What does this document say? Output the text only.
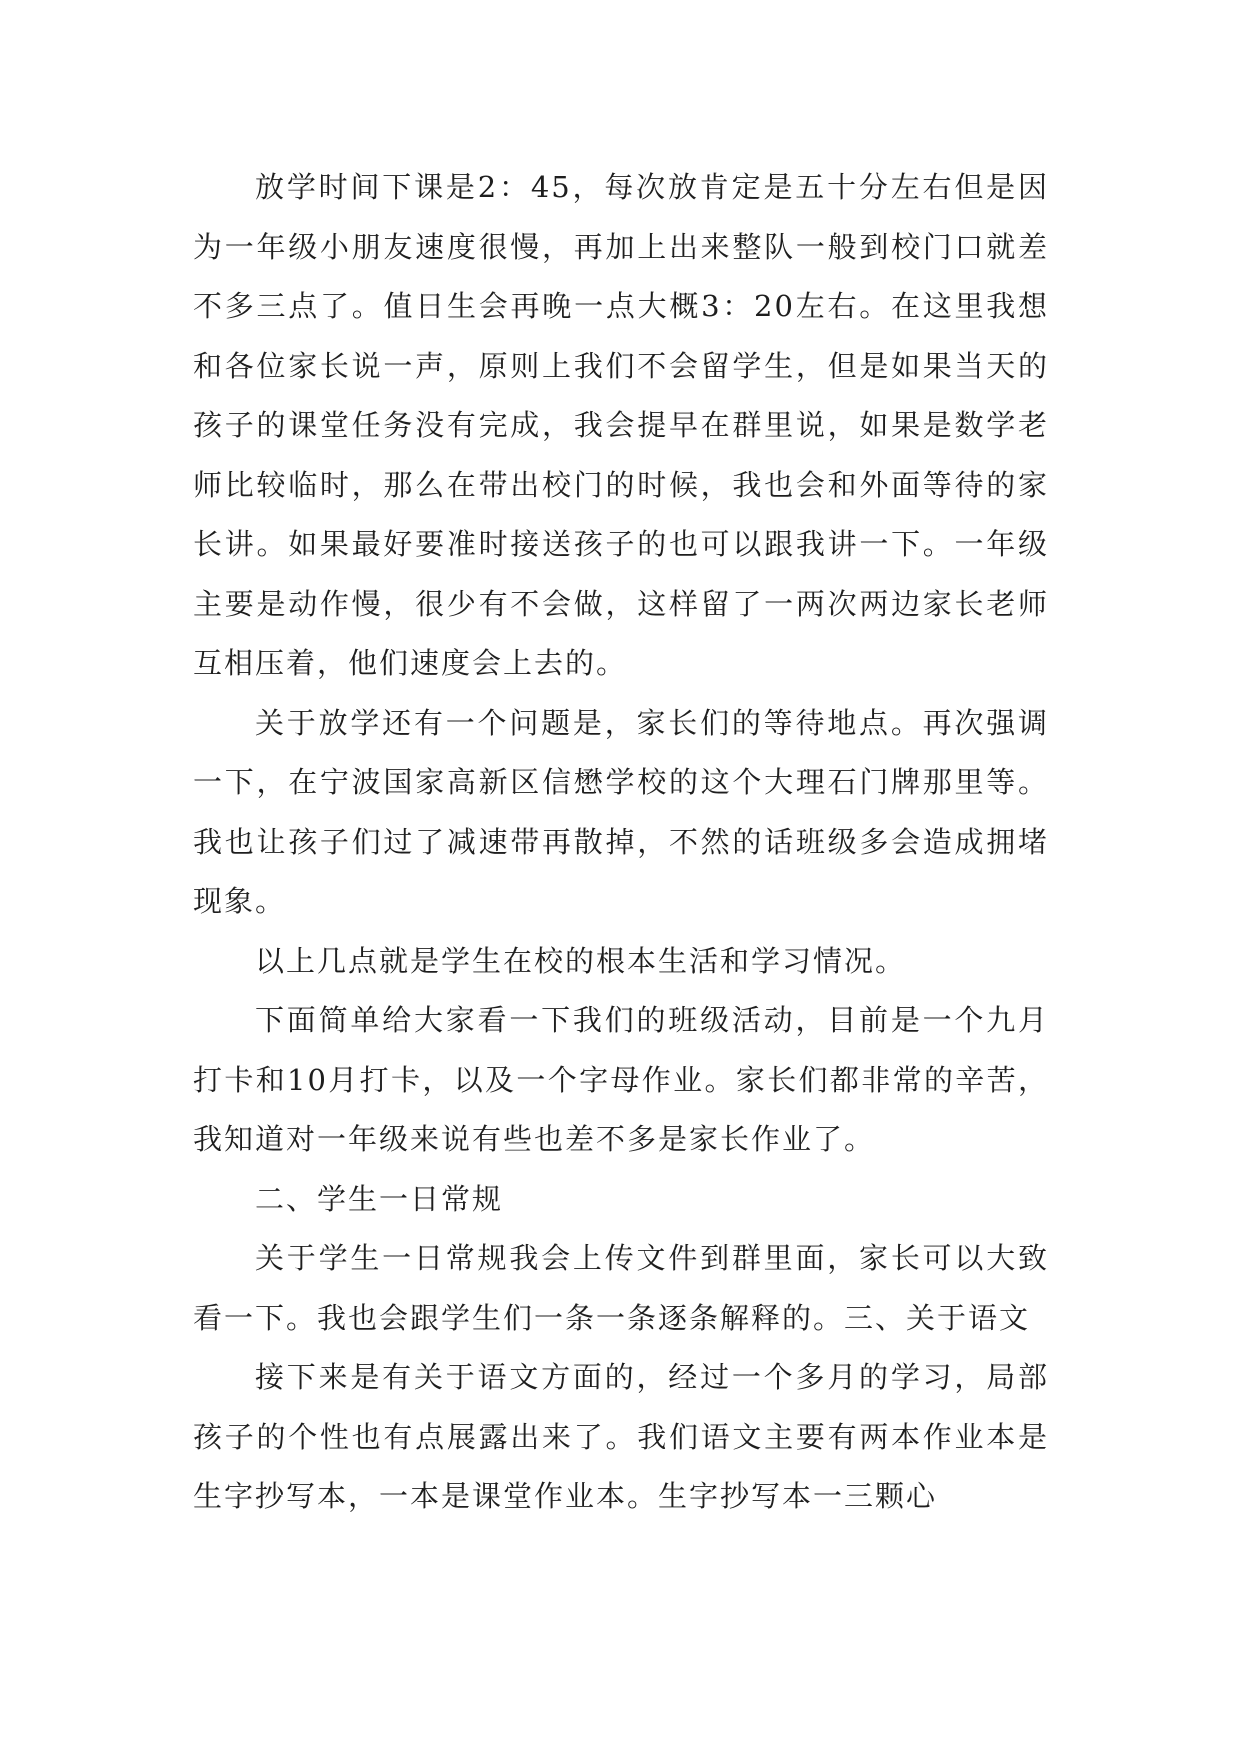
放学时间下课是2：45，每次放肯定是五十分左右但是因为一年级小朋友速度很慢，再加上出来整队一般到校门口就差不多三点了。值日生会再晚一点大概3：20左右。在这里我想和各位家长说一声，原则上我们不会留学生，但是如果当天的孩子的课堂任务没有完成，我会提早在群里说，如果是数学老师比较临时，那么在带出校门的时候，我也会和外面等待的家长讲。如果最好要准时接送孩子的也可以跟我讲一下。一年级主要是动作慢，很少有不会做，这样留了一两次两边家长老师互相压着，他们速度会上去的。

关于放学还有一个问题是，家长们的等待地点。再次强调一下，在宁波国家高新区信懋学校的这个大理石门牌那里等。我也让孩子们过了减速带再散掉，不然的话班级多会造成拥堵现象。

以上几点就是学生在校的根本生活和学习情况。

下面简单给大家看一下我们的班级活动，目前是一个九月打卡和10月打卡，以及一个字母作业。家长们都非常的辛苦，我知道对一年级来说有些也差不多是家长作业了。

二、学生一日常规

关于学生一日常规我会上传文件到群里面，家长可以大致看一下。我也会跟学生们一条一条逐条解释的。三、关于语文

接下来是有关于语文方面的，经过一个多月的学习，局部孩子的个性也有点展露出来了。我们语文主要有两本作业本是生字抄写本，一本是课堂作业本。生字抄写本一三颗心
